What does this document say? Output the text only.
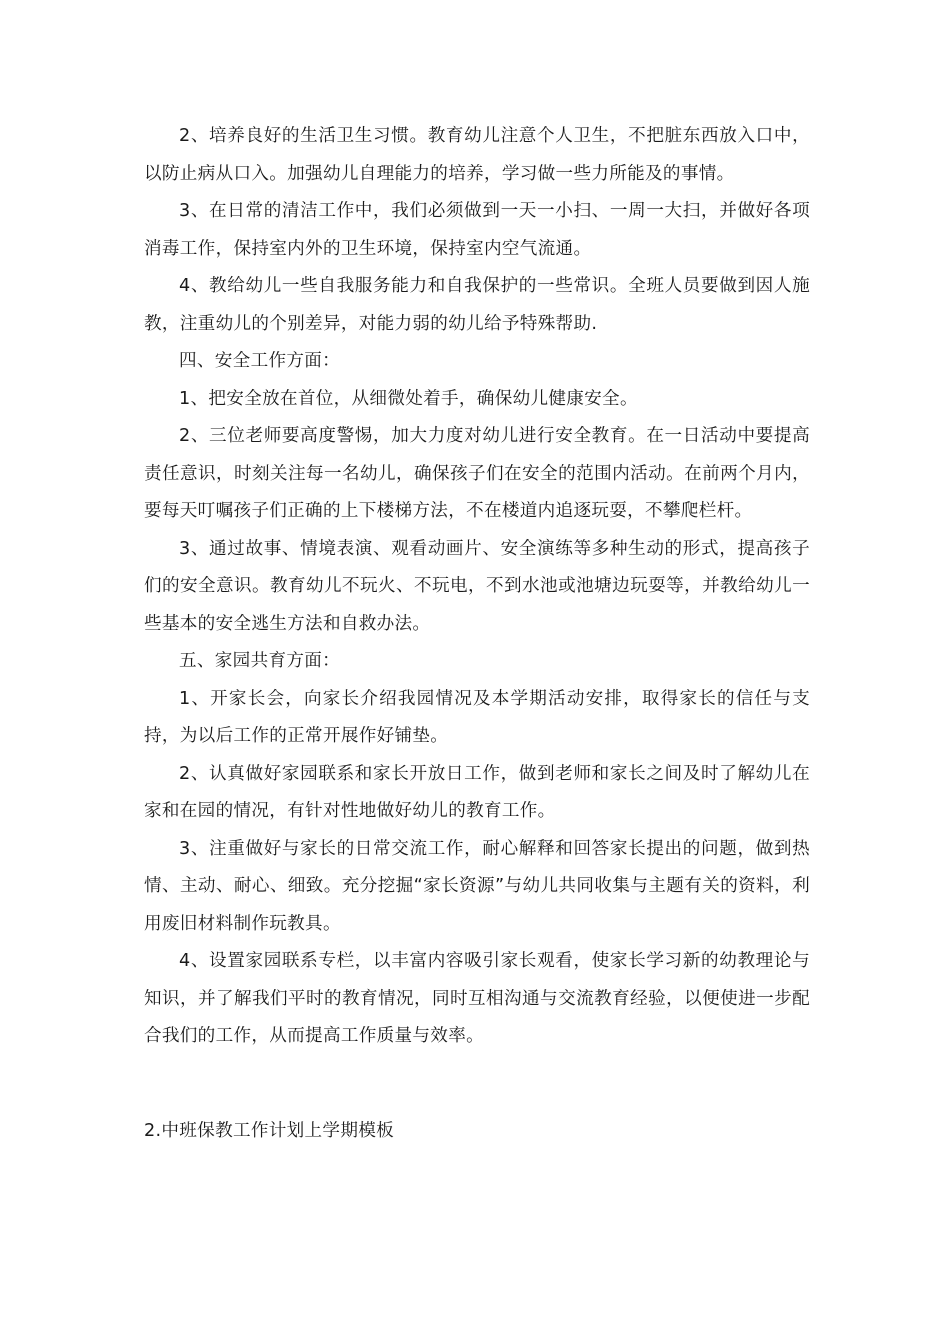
2、培养良好的生活卫生习惯。教育幼儿注意个人卫生，不把脏东西放入口中，以防止病从口入。加强幼儿自理能力的培养，学习做一些力所能及的事情。

3、在日常的清洁工作中，我们必须做到一天一小扫、一周一大扫，并做好各项消毒工作，保持室内外的卫生环境，保持室内空气流通。

4、教给幼儿一些自我服务能力和自我保护的一些常识。全班人员要做到因人施教，注重幼儿的个别差异，对能力弱的幼儿给予特殊帮助.

四、安全工作方面：

1、把安全放在首位，从细微处着手，确保幼儿健康安全。

2、三位老师要高度警惕，加大力度对幼儿进行安全教育。在一日活动中要提高责任意识，时刻关注每一名幼儿，确保孩子们在安全的范围内活动。在前两个月内，要每天叮嘱孩子们正确的上下楼梯方法，不在楼道内追逐玩耍，不攀爬栏杆。

3、通过故事、情境表演、观看动画片、安全演练等多种生动的形式，提高孩子们的安全意识。教育幼儿不玩火、不玩电，不到水池或池塘边玩耍等，并教给幼儿一些基本的安全逃生方法和自救办法。

五、家园共育方面：

1、开家长会，向家长介绍我园情况及本学期活动安排，取得家长的信任与支持，为以后工作的正常开展作好铺垫。

2、认真做好家园联系和家长开放日工作，做到老师和家长之间及时了解幼儿在家和在园的情况，有针对性地做好幼儿的教育工作。

3、注重做好与家长的日常交流工作，耐心解释和回答家长提出的问题，做到热情、主动、耐心、细致。充分挖掘“家长资源”与幼儿共同收集与主题有关的资料，利用废旧材料制作玩教具。

4、设置家园联系专栏，以丰富内容吸引家长观看，使家长学习新的幼教理论与知识，并了解我们平时的教育情况，同时互相沟通与交流教育经验，以便使进一步配合我们的工作，从而提高工作质量与效率。

2.中班保教工作计划上学期模板
